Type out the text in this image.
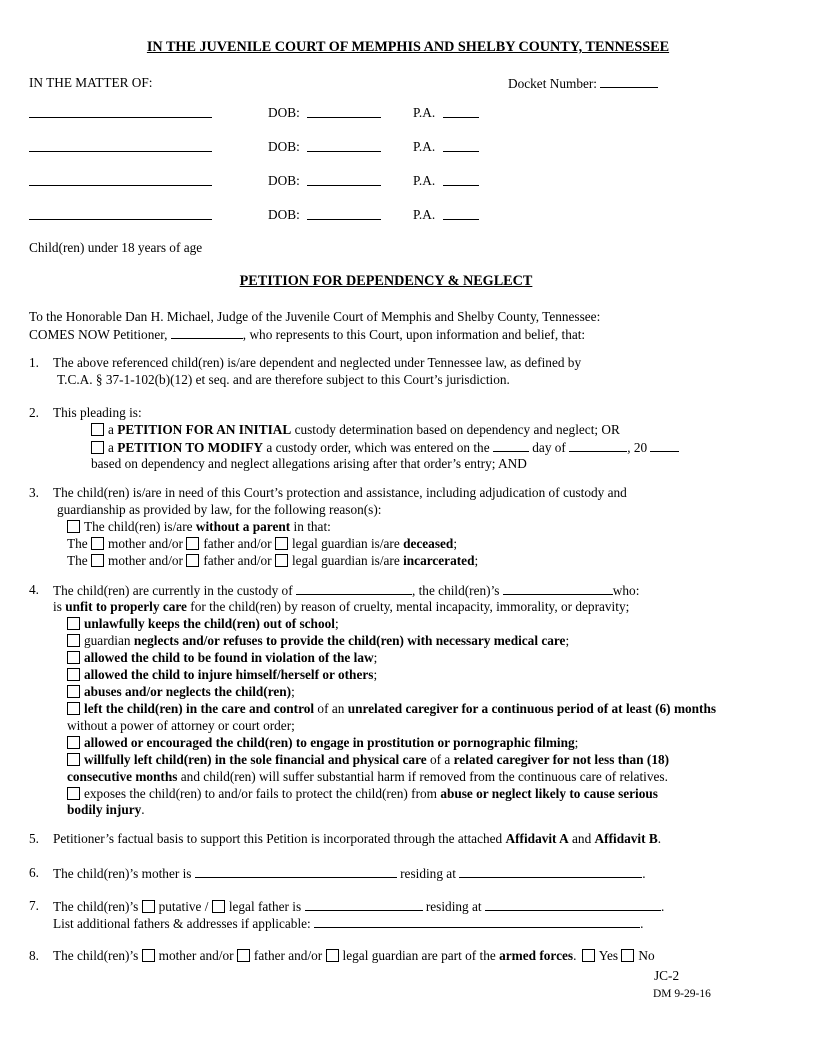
IN THE JUVENILE COURT OF MEMPHIS AND SHELBY COUNTY, TENNESSEE
IN THE MATTER OF:	Docket Number:
DOB:	P.A.
DOB:	P.A.
DOB:	P.A.
DOB:	P.A.
Child(ren) under 18 years of age
PETITION FOR DEPENDENCY & NEGLECT
To the Honorable Dan H. Michael, Judge of the Juvenile Court of Memphis and Shelby County, Tennessee:
COMES NOW Petitioner,	, who represents to this Court, upon information and belief, that:
1. The above referenced child(ren) is/are dependent and neglected under Tennessee law, as defined by
T.C.A. § 37-1-102(b)(12) et seq. and are therefore subject to this Court’s jurisdiction.
2. This pleading is:
a PETITION FOR AN INITIAL custody determination based on dependency and neglect; OR
a PETITION TO MODIFY a custody order, which was entered on the	day of	, 20
based on dependency and neglect allegations arising after that order’s entry; AND
3. The child(ren) is/are in need of this Court’s protection and assistance, including adjudication of custody and
guardianship as provided by law, for the following reason(s):
The child(ren) is/are without a parent in that:
The mother and/or father and/or legal guardian is/are deceased;
The mother and/or father and/or legal guardian is/are incarcerated;
4. The child(ren) are currently in the custody of	, the child(ren)’s	who:
is unfit to properly care for the child(ren) by reason of cruelty, mental incapacity, immorality, or depravity;
unlawfully keeps the child(ren) out of school;
guardian neglects and/or refuses to provide the child(ren) with necessary medical care;
allowed the child to be found in violation of the law;
allowed the child to injure himself/herself or others;
abuses and/or neglects the child(ren);
left the child(ren) in the care and control of an unrelated caregiver for a continuous period of at least (6) months
without a power of attorney or court order;
allowed or encouraged the child(ren) to engage in prostitution or pornographic filming;
willfully left child(ren) in the sole financial and physical care of a related caregiver for not less than (18)
consecutive months and child(ren) will suffer substantial harm if removed from the continuous care of relatives.
exposes the child(ren) to and/or fails to protect the child(ren) from abuse or neglect likely to cause serious
bodily injury.
5. Petitioner’s factual basis to support this Petition is incorporated through the attached Affidavit A and Affidavit B.
6. The child(ren)’s mother is	residing at	.
7. The child(ren)’s putative / legal father is	residing at	.
List additional fathers & addresses if applicable:	.
8. The child(ren)’s mother and/or father and/or legal guardian are part of the armed forces. Yes No
JC-2
DM 9-29-16
